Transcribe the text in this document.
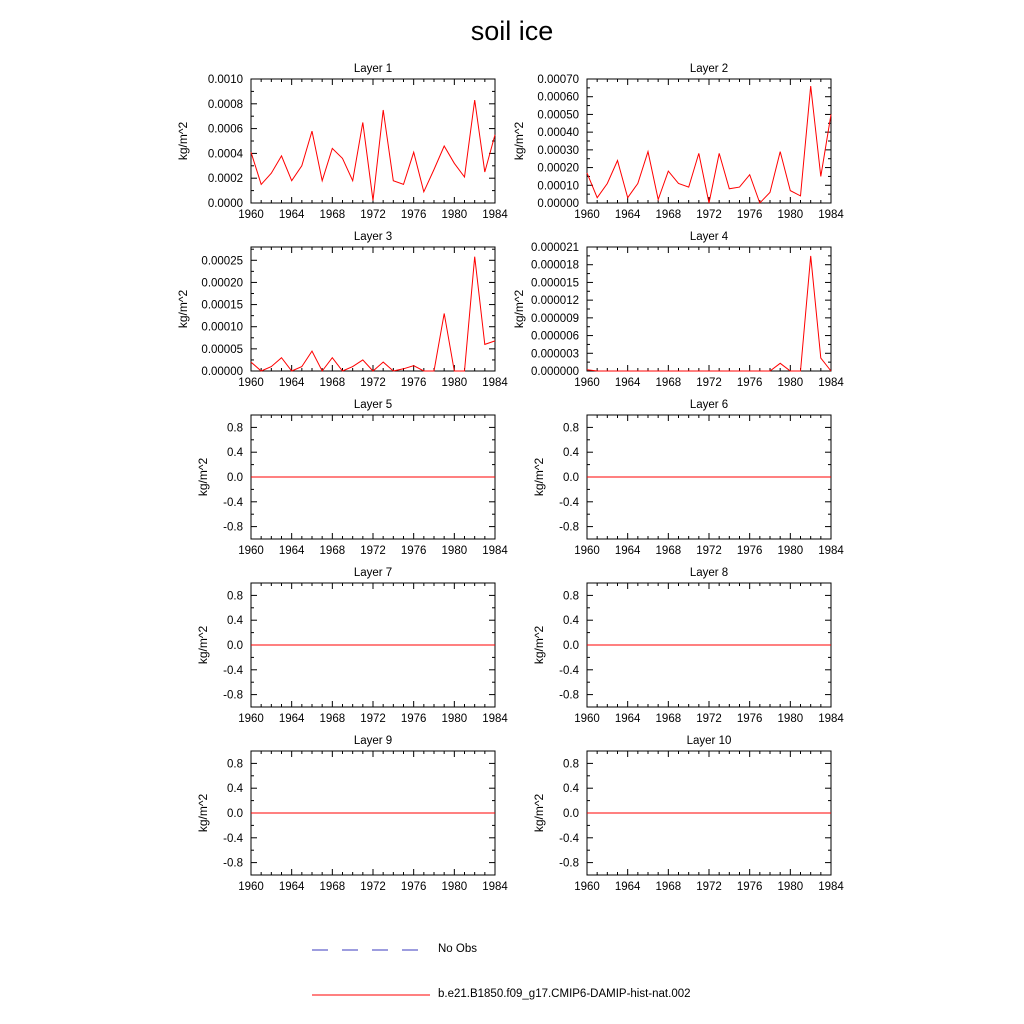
soil ice
Layer 1
kg/m^2
1960 1964 1968 1972 1976 1980 1984
0.0000
0.0002
0.0004
0.0006
0.0008
0.0010
Layer 2
kg/m^2
1960 1964 1968 1972 1976 1980 1984
0.00000
0.00010
0.00020
0.00030
0.00040
0.00050
0.00060
0.00070
Layer 3
kg/m^2
1960 1964 1968 1972 1976 1980 1984
0.00000
0.00005
0.00010
0.00015
0.00020
0.00025
Layer 4
kg/m^2
1960 1964 1968 1972 1976 1980 1984
0.000000
0.000003
0.000006
0.000009
0.000012
0.000015
0.000018
0.000021
Layer 5
kg/m^2
1960 1964 1968 1972 1976 1980 1984
-0.8
-0.4
0.0
0.4
0.8
Layer 6
kg/m^2
1960 1964 1968 1972 1976 1980 1984
-0.8
-0.4
0.0
0.4
0.8
Layer 7
kg/m^2
1960 1964 1968 1972 1976 1980 1984
-0.8
-0.4
0.0
0.4
0.8
Layer 8
kg/m^2
1960 1964 1968 1972 1976 1980 1984
-0.8
-0.4
0.0
0.4
0.8
Layer 9
kg/m^2
1960 1964 1968 1972 1976 1980 1984
-0.8
-0.4
0.0
0.4
0.8
Layer 10
kg/m^2
1960 1964 1968 1972 1976 1980 1984
-0.8
-0.4
0.0
0.4
0.8
No Obs
b.e21.B1850.f09_g17.CMIP6-DAMIP-hist-nat.002
